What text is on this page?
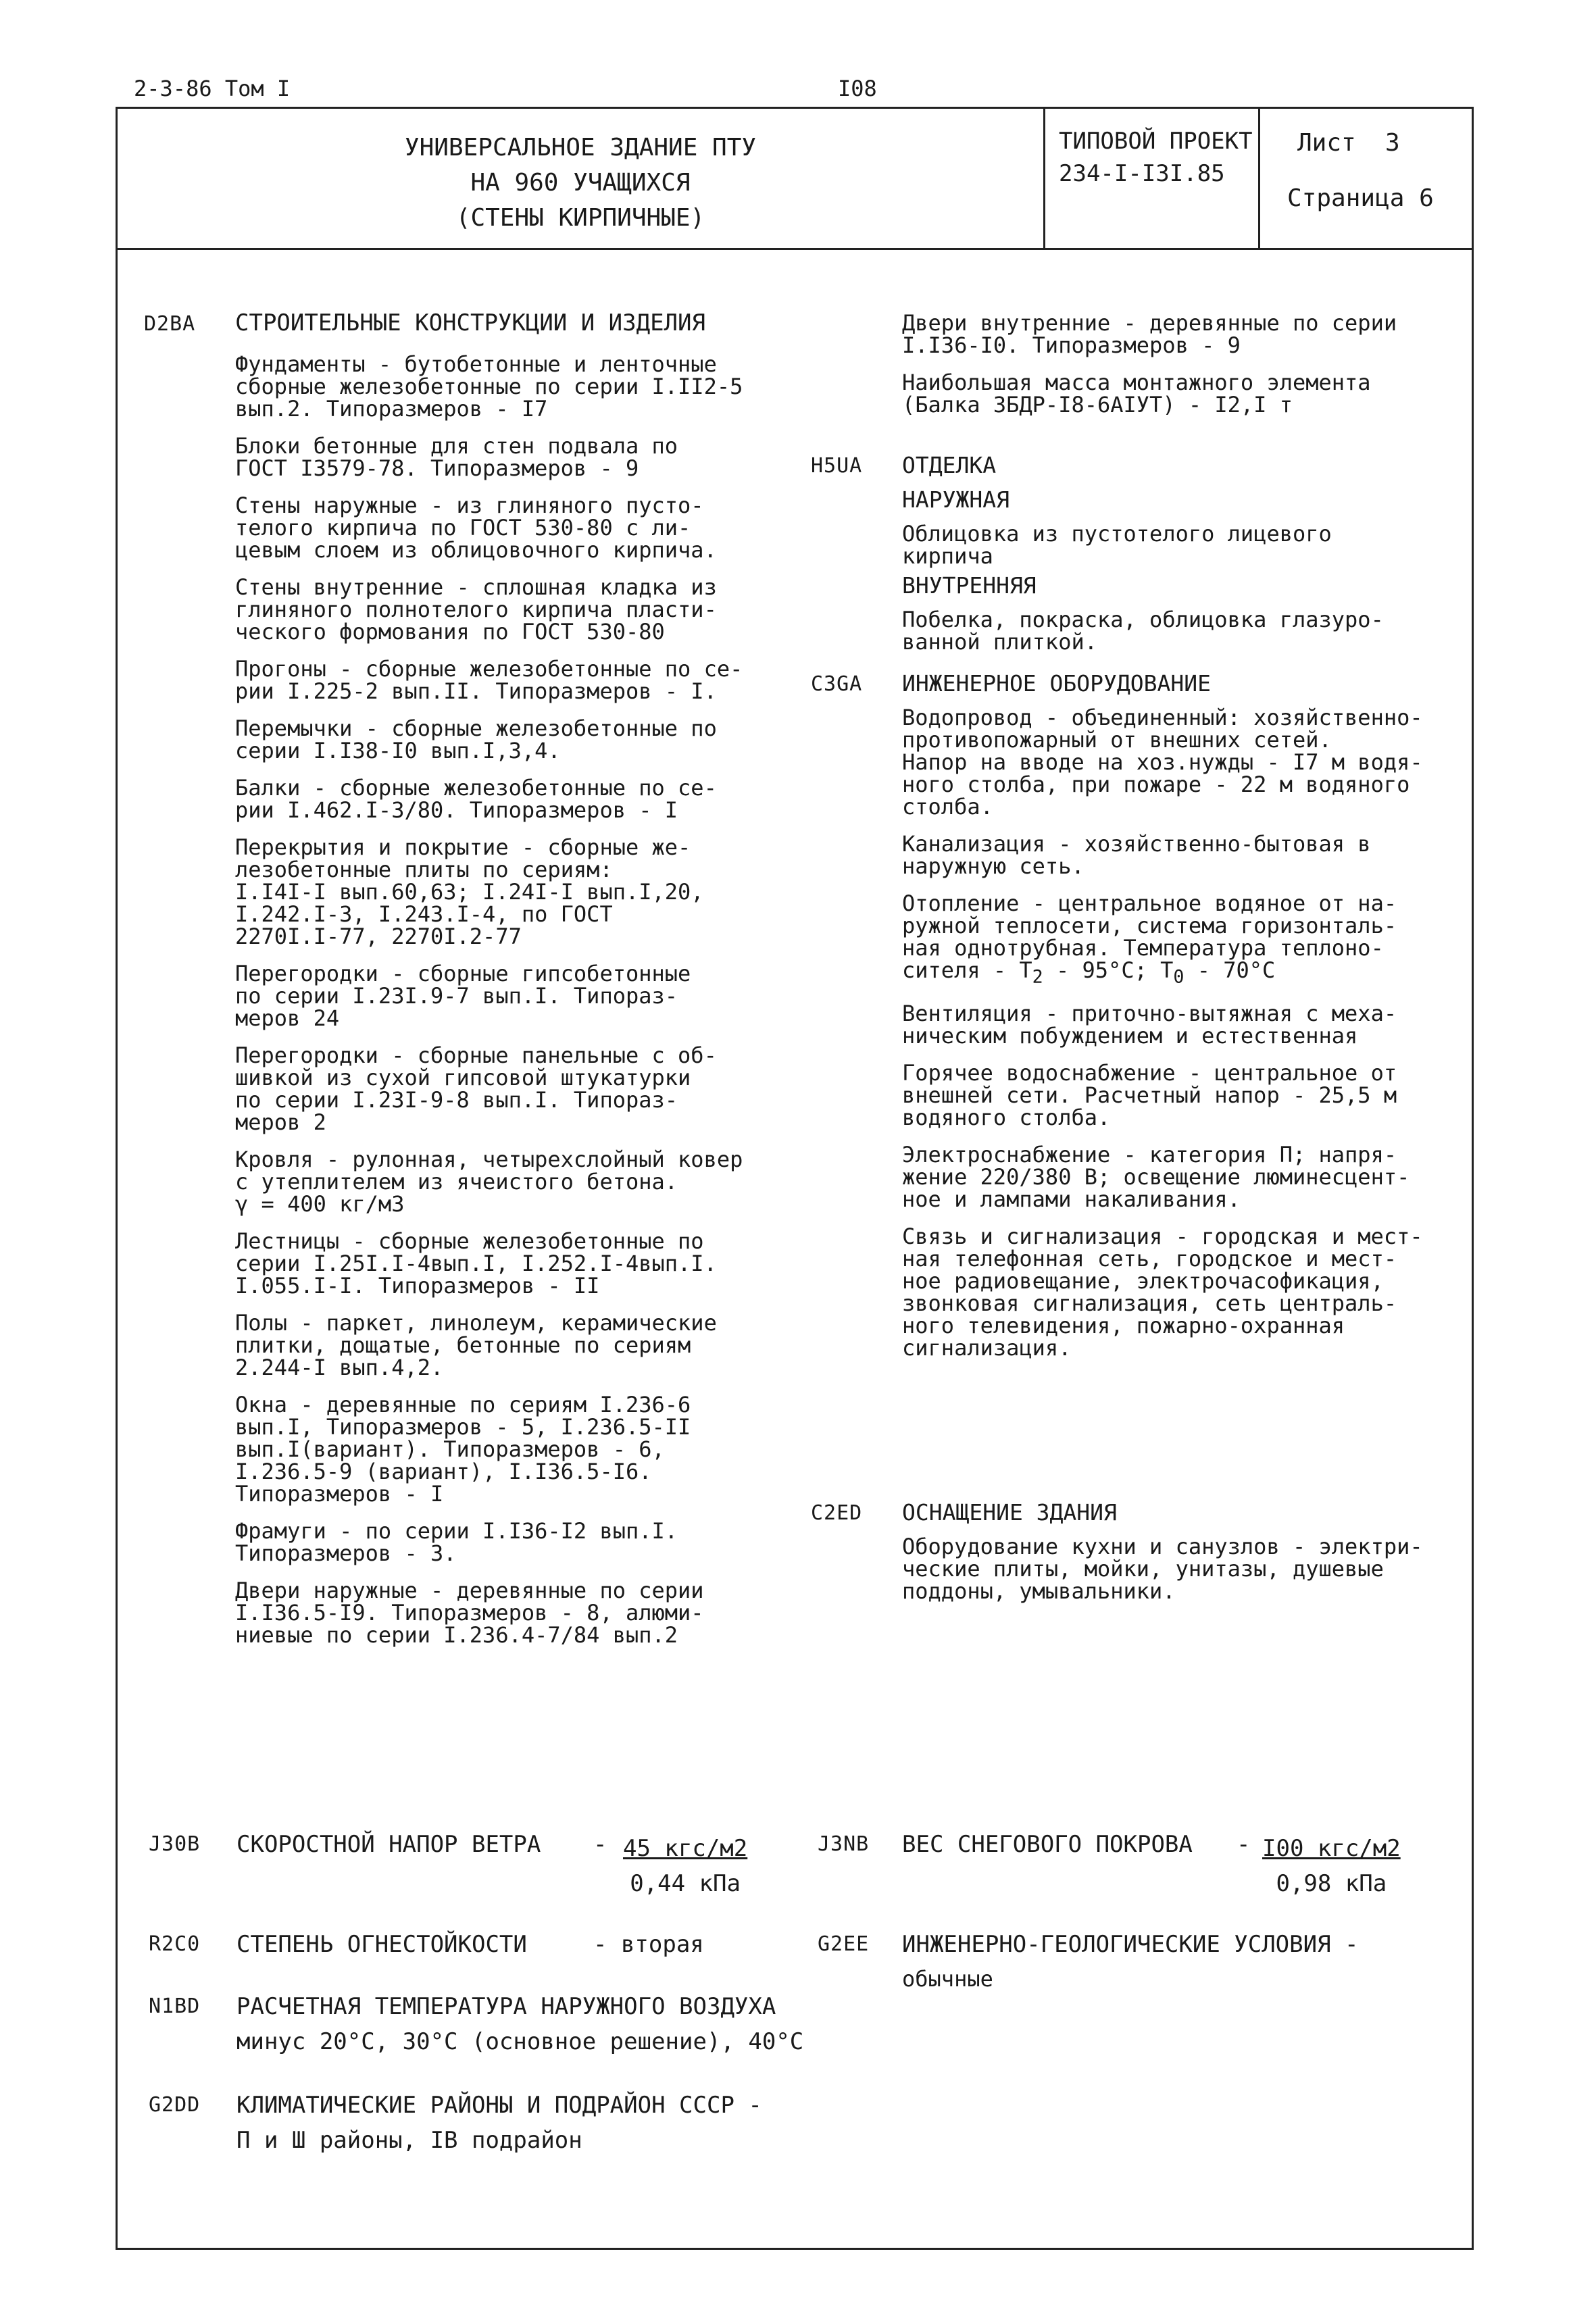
2-3-86 Том I	I08
УНИВЕРСАЛЬНОЕ ЗДАНИЕ ПТУ
НА 960 УЧАЩИХСЯ
(СТЕНЫ КИРПИЧНЫЕ)
ТИПОВОЙ ПРОЕКТ
234-I-I3I.85
Лист  3
Страница 6
D2BA СТРОИТЕЛЬНЫЕ КОНСТРУКЦИИ И ИЗДЕЛИЯ

Фундаменты - бутобетонные и ленточные
сборные железобетонные по серии I.II2-5
вып.2. Типоразмеров - I7

Блоки бетонные для стен подвала по
ГОСТ I3579-78. Типоразмеров - 9

Стены наружные - из глиняного пусто-
телого кирпича по ГОСТ 530-80 с ли-
цевым слоем из облицовочного кирпича.

Стены внутренние - сплошная кладка из
глиняного полнотелого кирпича пласти-
ческого формования по ГОСТ 530-80

Прогоны - сборные железобетонные по се-
рии I.225-2 вып.II. Типоразмеров - I.

Перемычки - сборные железобетонные по
серии I.I38-I0 вып.I,3,4.

Балки - сборные железобетонные по се-
рии I.462.I-3/80. Типоразмеров - I

Перекрытия и покрытие - сборные же-
лезобетонные плиты по сериям:
I.I4I-I вып.60,63; I.24I-I вып.I,20,
I.242.I-3, I.243.I-4, по ГОСТ
2270I.I-77, 2270I.2-77

Перегородки - сборные гипсобетонные
по серии I.23I.9-7 вып.I. Типораз-
меров 24

Перегородки - сборные панельные с об-
шивкой из сухой гипсовой штукатурки
по серии I.23I-9-8 вып.I. Типораз-
меров 2

Кровля - рулонная, четырехслойный ковер
с утеплителем из ячеистого бетона.
γ = 400 кг/м3

Лестницы - сборные железобетонные по
серии I.25I.I-4вып.I, I.252.I-4вып.I.
I.055.I-I. Типоразмеров - II

Полы - паркет, линолеум, керамические
плитки, дощатые, бетонные по сериям
2.244-I вып.4,2.

Окна - деревянные по сериям I.236-6
вып.I, Типоразмеров - 5, I.236.5-II
вып.I(вариант). Типоразмеров - 6,
I.236.5-9 (вариант), I.I36.5-I6.
Типоразмеров - I

Фрамуги - по серии I.I36-I2 вып.I.
Типоразмеров - 3.

Двери наружные - деревянные по серии
I.I36.5-I9. Типоразмеров - 8, алюми-
ниевые по серии I.236.4-7/84 вып.2

Двери внутренние - деревянные по серии
I.I36-I0. Типоразмеров - 9

Наибольшая масса монтажного элемента
(Балка 3БДР-I8-6AIУТ) - I2,I т

H5UA ОТДЕЛКА

НАРУЖНАЯ

Облицовка из пустотелого лицевого
кирпича

ВНУТРЕННЯЯ

Побелка, покраска, облицовка глазуро-
ванной плиткой.

C3GA ИНЖЕНЕРНОЕ ОБОРУДОВАНИЕ

Водопровод - объединенный: хозяйственно-
противопожарный от внешних сетей.
Напор на вводе на хоз.нужды - I7 м водя-
ного столба, при пожаре - 22 м водяного
столба.

Канализация - хозяйственно-бытовая в
наружную сеть.

Отопление - центральное водяное от на-
ружной теплосети, система горизонталь-
ная однотрубная. Температура теплоно-

сителя - $T_2 - 95^\circ C$; $T_0 - 70^\circ C$

Вентиляция - приточно-вытяжная с меха-
ническим побуждением и естественная

Горячее водоснабжение - центральное от
внешней сети. Расчетный напор - 25,5 м
водяного столба.

Электроснабжение - категория П; напря-
жение 220/380 В; освещение люминесцент-
ное и лампами накаливания.

Связь и сигнализация - городская и мест-
ная телефонная сеть, городское и мест-
ное радиовещание, электрочасофикация,
звонковая сигнализация, сеть централь-
ного телевидения, пожарно-охранная
сигнализация.

C2ED ОСНАЩЕНИЕ ЗДАНИЯ

Оборудование кухни и санузлов - электри-
ческие плиты, мойки, унитазы, душевые
поддоны, умывальники.

J30B СКОРОСТНОЙ НАПОР ВЕТРА - $\frac{\text{45 кгс/м2}}{\text{0,44 кПа}}$	J3NB ВЕС СНЕГОВОГО ПОКРОВА - $\frac{\text{I00 кгс/м2}}{\text{0,98 кПа}}$
R2C0 СТЕПЕНЬ ОГНЕСТОЙКОСТИ	- вторая	G2EE ИНЖЕНЕРНО-ГЕОЛОГИЧЕСКИЕ УСЛОВИЯ -
обычные
N1BD РАСЧЕТНАЯ ТЕМПЕРАТУРА НАРУЖНОГО ВОЗДУХА
минус 20°C, 30°C (основное решение), 40°C
G2DD КЛИМАТИЧЕСКИЕ РАЙОНЫ И ПОДРАЙОН СССР -
П и Ш районы, IВ подрайон
